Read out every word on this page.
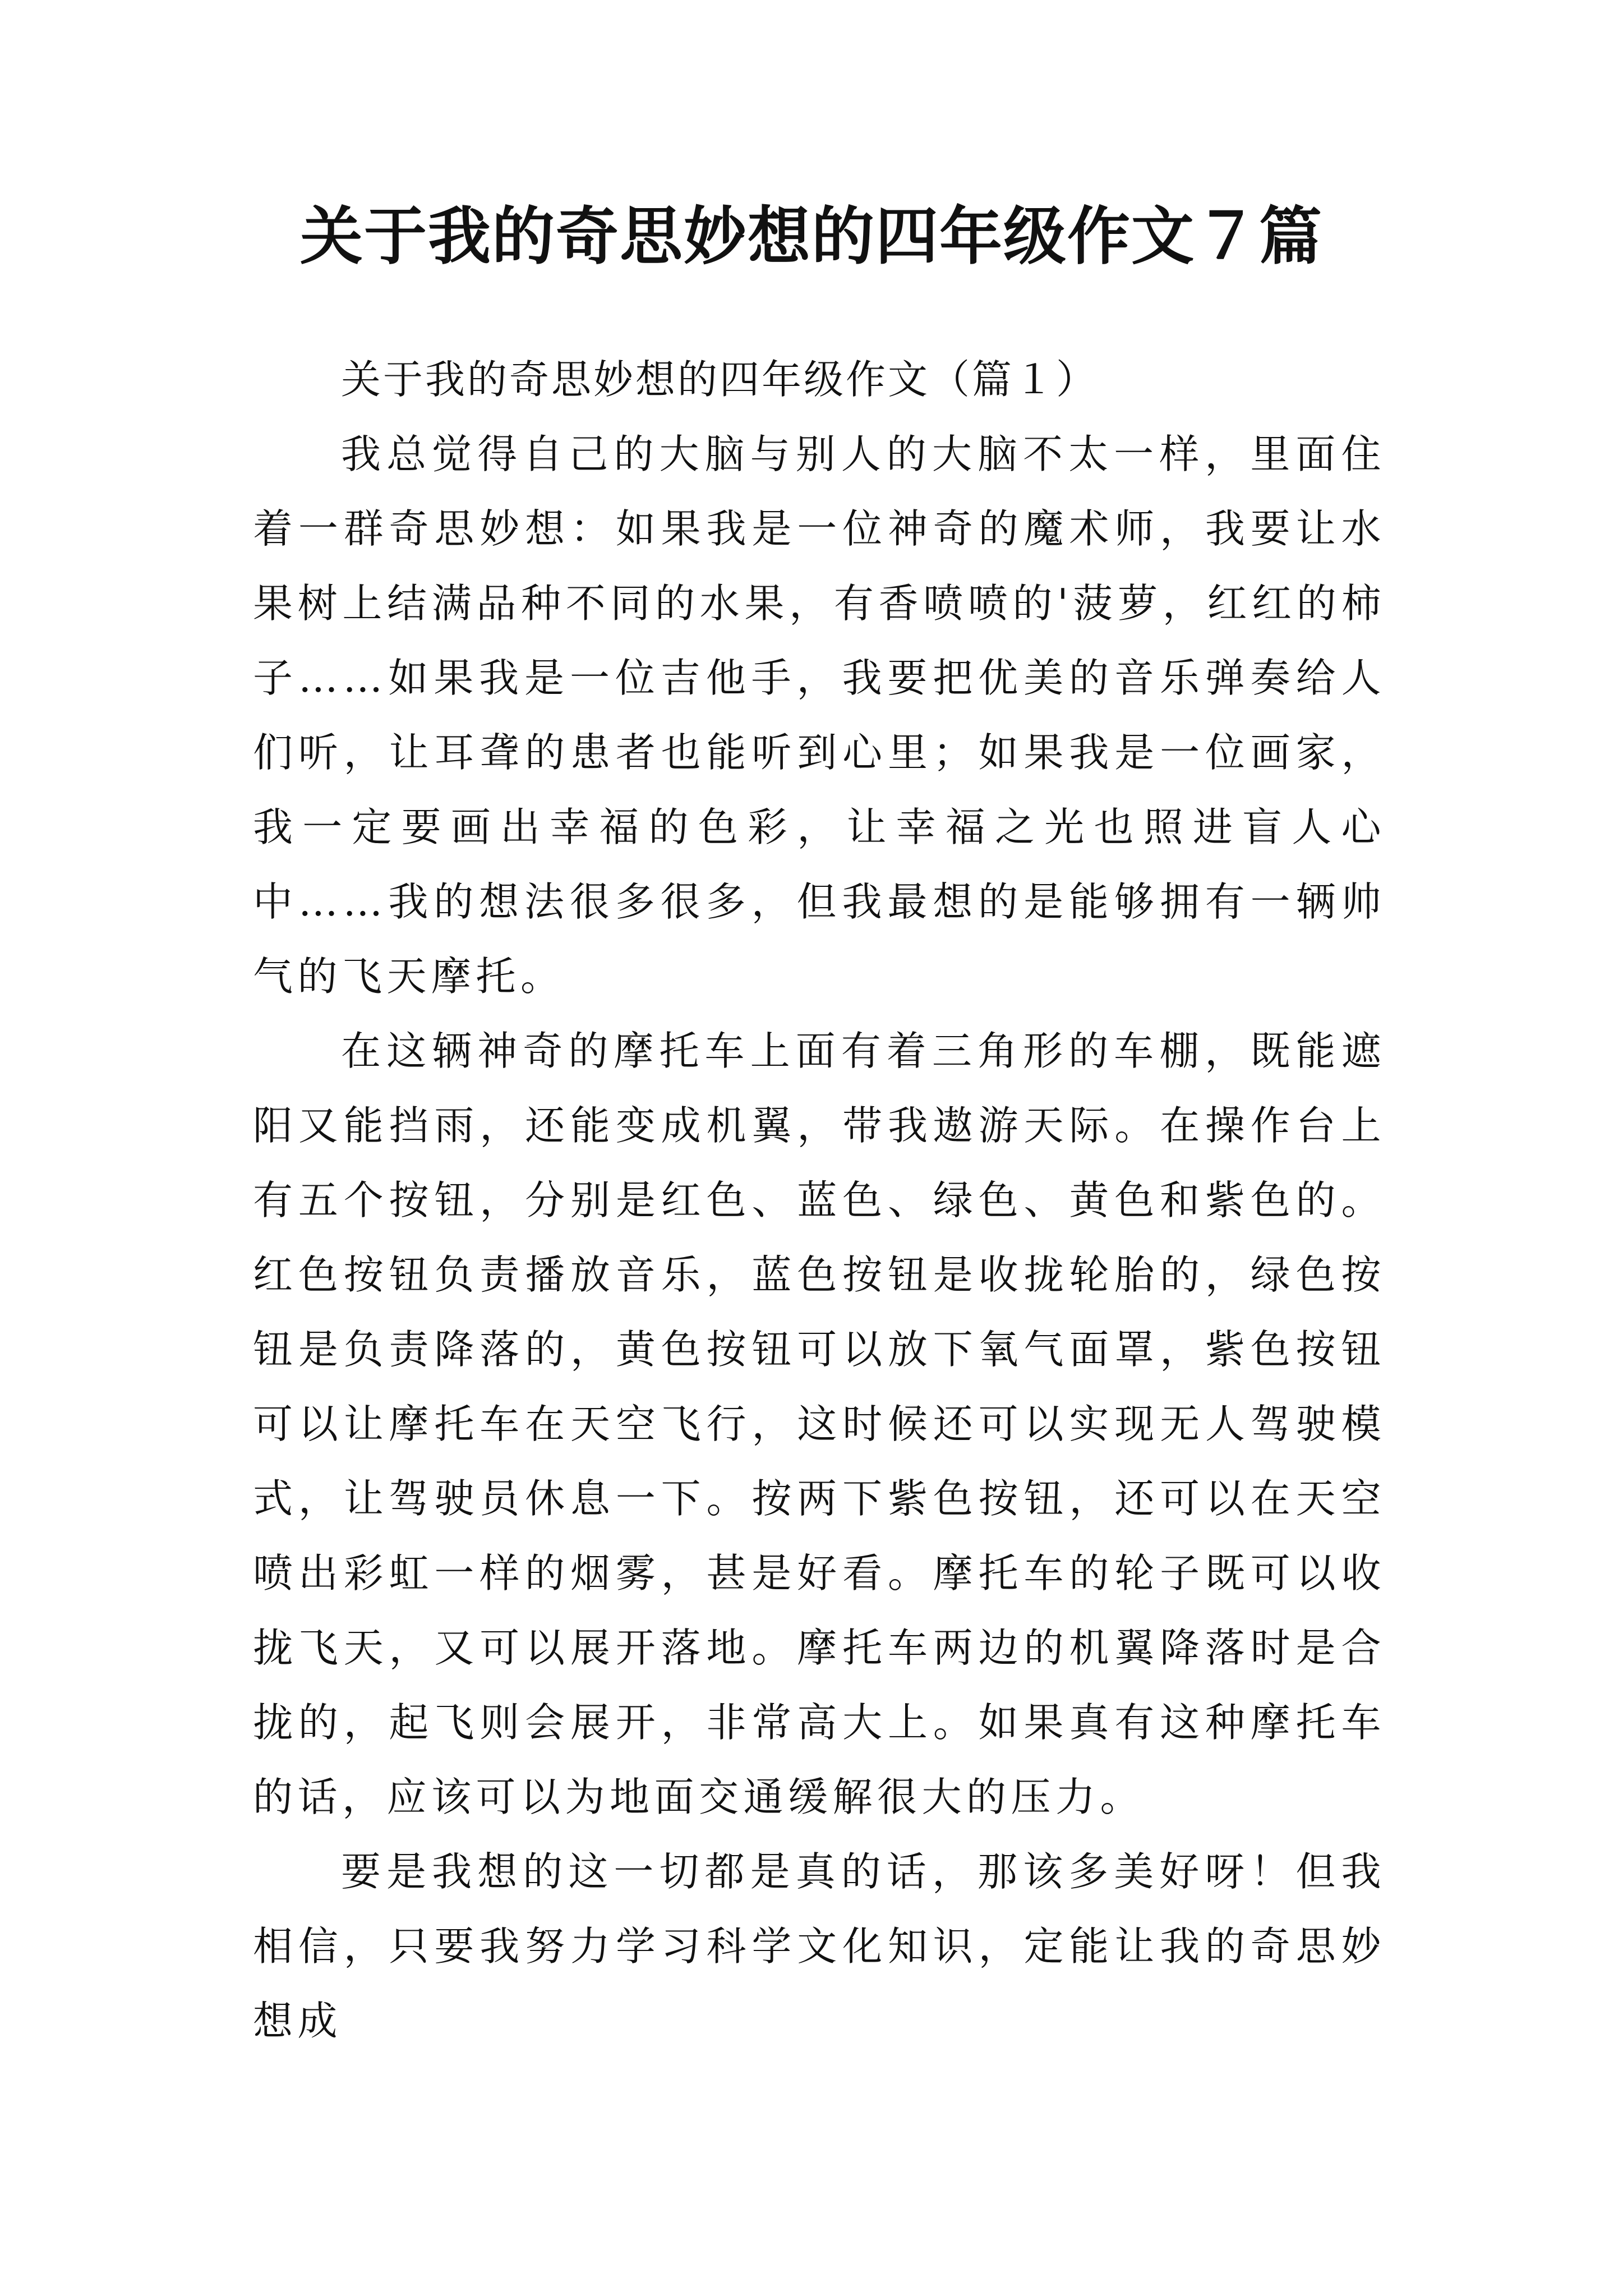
关于我的奇思妙想的四年级作文７篇

关于我的奇思妙想的四年级作文（篇１）

我总觉得自己的大脑与别人的大脑不太一样，里面住着一群奇思妙想：如果我是一位神奇的魔术师，我要让水果树上结满品种不同的水果，有香喷喷的'菠萝，红红的柿子……如果我是一位吉他手，我要把优美的音乐弹奏给人们听，让耳聋的患者也能听到心里；如果我是一位画家，我一定要画出幸福的色彩，让幸福之光也照进盲人心中……我的想法很多很多，但我最想的是能够拥有一辆帅气的飞天摩托。

在这辆神奇的摩托车上面有着三角形的车棚，既能遮阳又能挡雨，还能变成机翼，带我遨游天际。在操作台上有五个按钮，分别是红色、蓝色、绿色、黄色和紫色的。红色按钮负责播放音乐，蓝色按钮是收拢轮胎的，绿色按钮是负责降落的，黄色按钮可以放下氧气面罩，紫色按钮可以让摩托车在天空飞行，这时候还可以实现无人驾驶模式，让驾驶员休息一下。按两下紫色按钮，还可以在天空喷出彩虹一样的烟雾，甚是好看。摩托车的轮子既可以收拢飞天，又可以展开落地。摩托车两边的机翼降落时是合拢的，起飞则会展开，非常高大上。如果真有这种摩托车的话，应该可以为地面交通缓解很大的压力。

要是我想的这一切都是真的话，那该多美好呀！但我相信，只要我努力学习科学文化知识，定能让我的奇思妙想成
